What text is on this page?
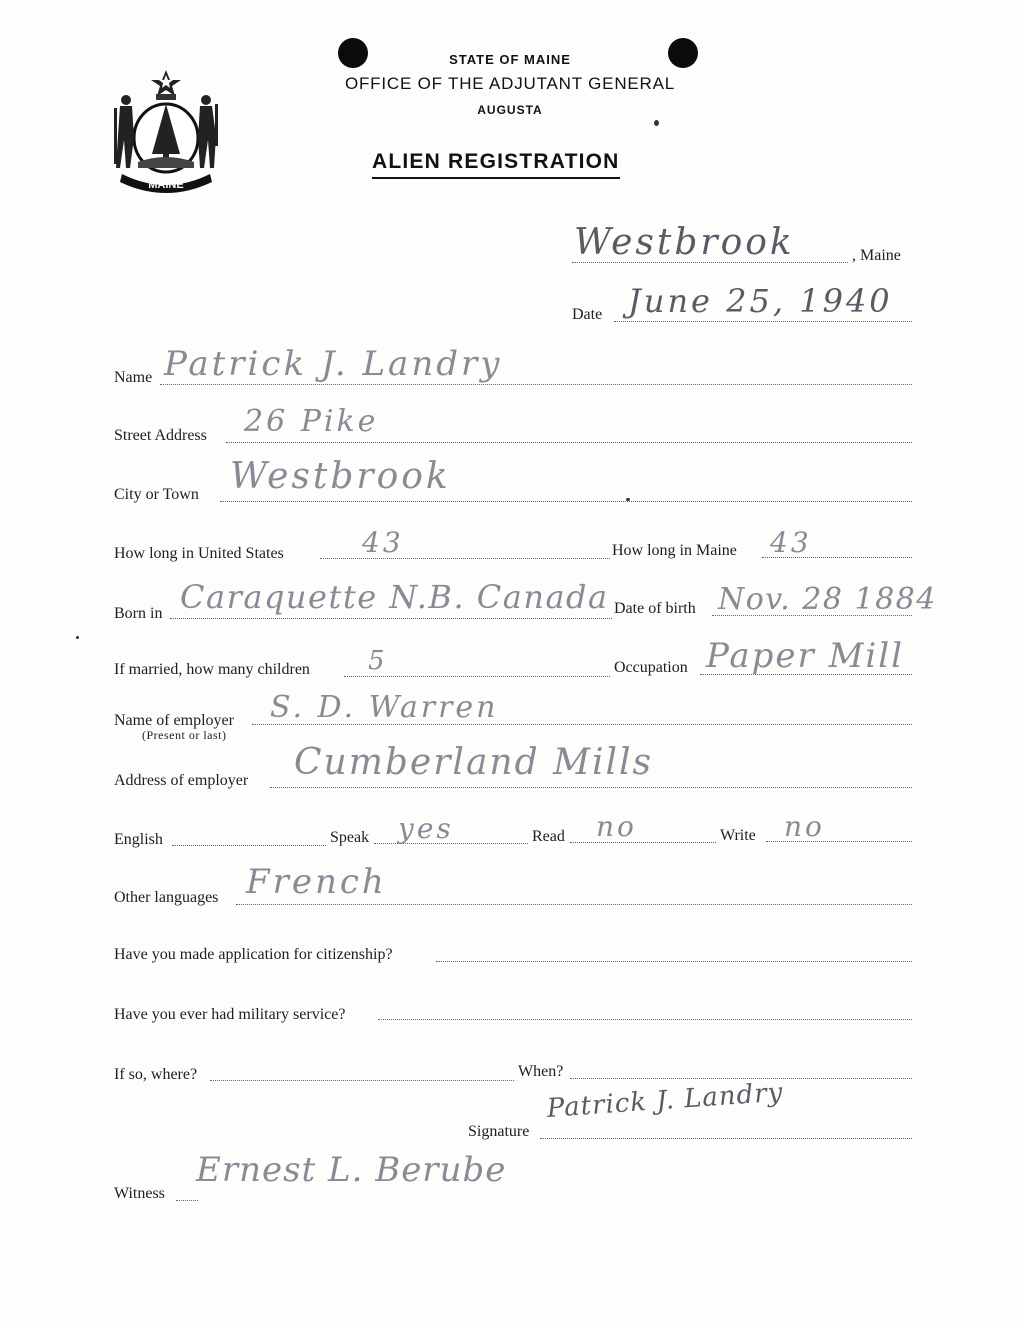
MAINE
STATE OF MAINE
OFFICE OF THE ADJUTANT GENERAL
AUGUSTA
ALIEN REGISTRATION
Westbrook	, Maine
Date June 25, 1940
Name Patrick J. Landry
Street Address 26 Pike
City or Town Westbrook
How long in United States	43	How long in Maine 43
Born in Caraquette N.B. Canada Date of birth Nov. 28 1884
If married, how many children 5	Occupation Paper Mill
Name of employer
(Present or last)
S. D. Warren
Address of employer Cumberland Mills
English	Speak yes	Read no	Write no
Other languages French
Have you made application for citizenship?
Have you ever had military service?
If so, where?	When?
Signature
Patrick J. Landry
Witness
Ernest L. Berube
